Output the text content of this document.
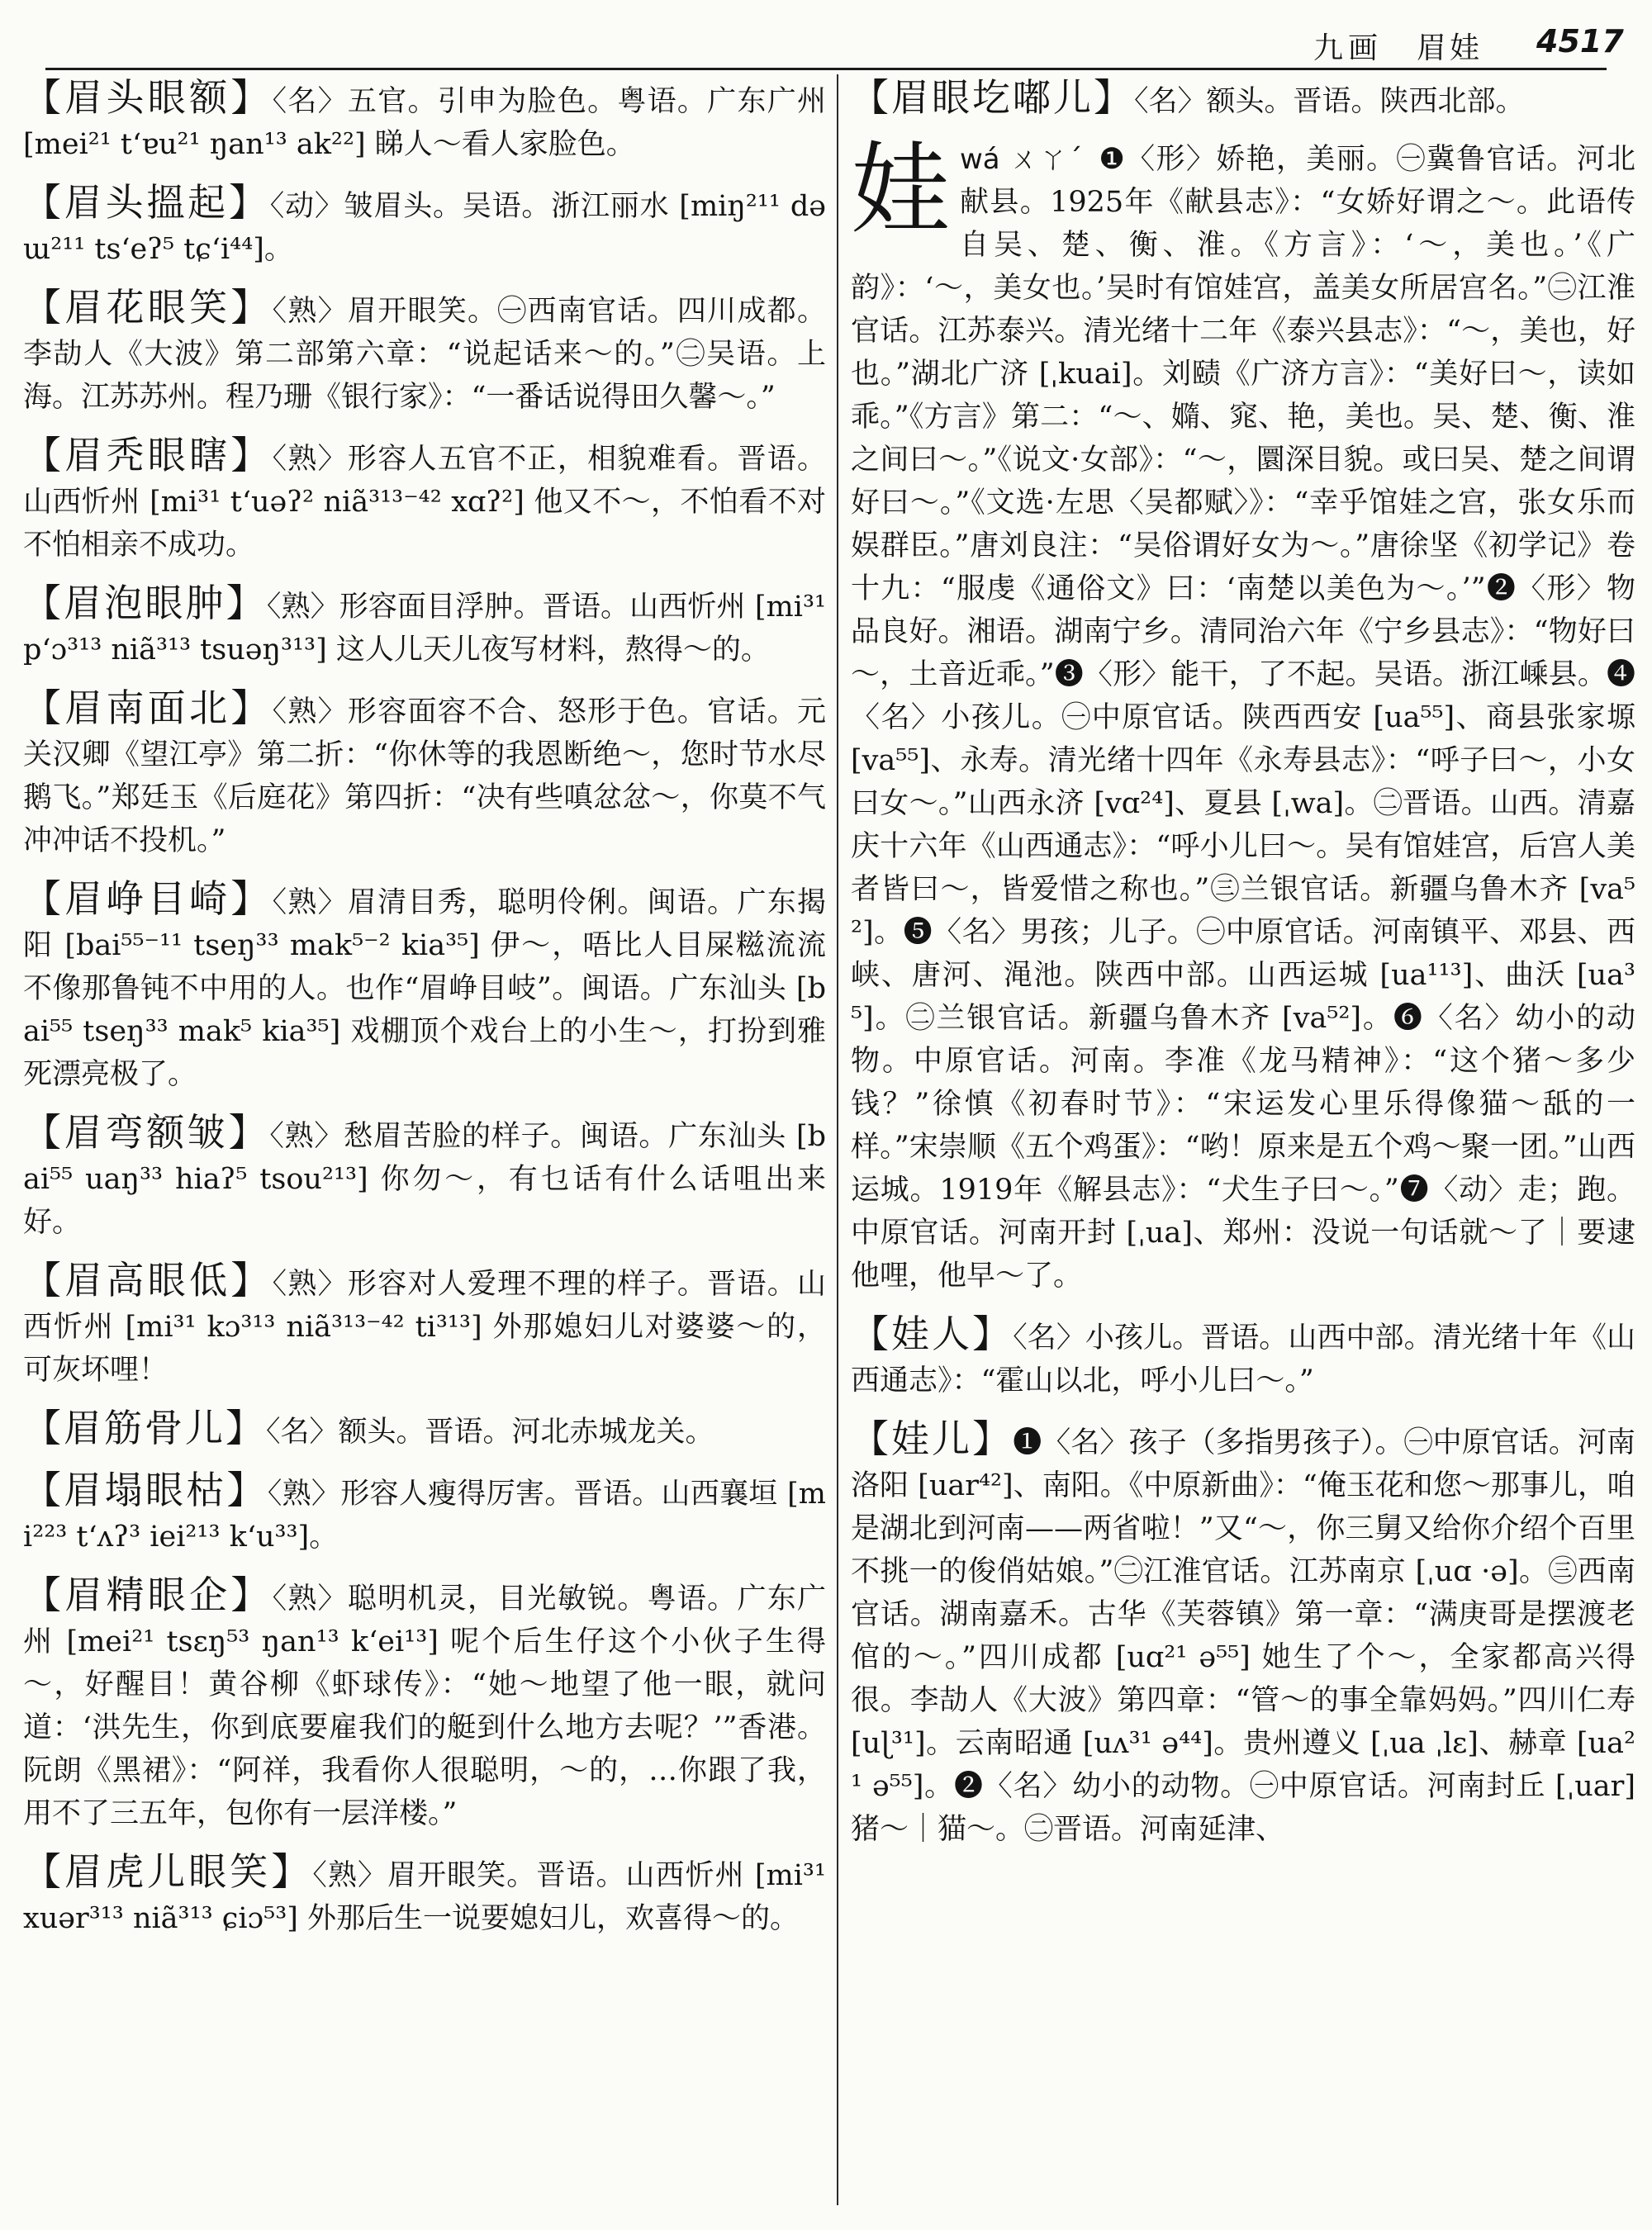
九画 眉娃 4517
【眉头眼额】〈名〉五官。引申为脸色。粤语。广东广州 [mei²¹ tʻɐu²¹ ŋan¹³ ak²²] 睇人～看人家脸色。
【眉头搵起】〈动〉皱眉头。吴语。浙江丽水 [miŋ²¹¹ dəɯ²¹¹ tsʻeʔ⁵ tɕʻi⁴⁴]。
【眉花眼笑】〈熟〉眉开眼笑。㊀西南官话。四川成都。李劼人《大波》第二部第六章：“说起话来～的。”㊁吴语。上海。江苏苏州。程乃珊《银行家》：“一番话说得田久馨～。”
【眉秃眼瞎】〈熟〉形容人五官不正，相貌难看。晋语。山西忻州 [mi³¹ tʻuəʔ² niã³¹³⁻⁴² xɑʔ²] 他又不～，不怕看不对不怕相亲不成功。
【眉泡眼肿】〈熟〉形容面目浮肿。晋语。山西忻州 [mi³¹ pʻɔ³¹³ niã³¹³ tsuəŋ³¹³] 这人儿天儿夜写材料，熬得～的。
【眉南面北】〈熟〉形容面容不合、怒形于色。官话。元关汉卿《望江亭》第二折：“你休等的我恩断绝～，您时节水尽鹅飞。”郑廷玉《后庭花》第四折：“决有些嗔忿忿～，你莫不气冲冲话不投机。”
【眉峥目崎】〈熟〉眉清目秀，聪明伶俐。闽语。广东揭阳 [bai⁵⁵⁻¹¹ tseŋ³³ mak⁵⁻² kia³⁵] 伊～，唔比人目屎糍流流不像那鲁钝不中用的人。也作“眉峥目岐”。闽语。广东汕头 [bai⁵⁵ tseŋ³³ mak⁵ kia³⁵] 戏棚顶个戏台上的小生～，打扮到雅死漂亮极了。
【眉弯额皱】〈熟〉愁眉苦脸的样子。闽语。广东汕头 [bai⁵⁵ uaŋ³³ hiaʔ⁵ tsou²¹³] 你勿～，有乜话有什么话咀出来好。
【眉高眼低】〈熟〉形容对人爱理不理的样子。晋语。山西忻州 [mi³¹ kɔ³¹³ niã³¹³⁻⁴² ti³¹³] 外那媳妇儿对婆婆～的，可灰坏哩！
【眉筋骨儿】〈名〉额头。晋语。河北赤城龙关。
【眉塌眼枯】〈熟〉形容人瘦得厉害。晋语。山西襄垣 [mi²²³ tʻʌʔ³ iei²¹³ kʻu³³]。
【眉精眼企】〈熟〉聪明机灵，目光敏锐。粤语。广东广州 [mei²¹ tsɛŋ⁵³ ŋan¹³ kʻei¹³] 呢个后生仔这个小伙子生得～，好醒目！黄谷柳《虾球传》：“她～地望了他一眼，就问道：‘洪先生，你到底要雇我们的艇到什么地方去呢？’”香港。阮朗《黑裙》：“阿祥，我看你人很聪明，～的，…你跟了我，用不了三五年，包你有一层洋楼。”
【眉虎儿眼笑】〈熟〉眉开眼笑。晋语。山西忻州 [mi³¹ xuər³¹³ niã³¹³ ɕiɔ⁵³] 外那后生一说要媳妇儿，欢喜得～的。
【眉眼圪嘟儿】〈名〉额头。晋语。陕西北部。
娃 wá ㄨㄚˊ ❶〈形〉娇艳，美丽。㊀冀鲁官话。河北献县。1925年《献县志》：“女娇好谓之～。此语传自吴、楚、衡、淮。《方言》：‘～，美也。’《广韵》：‘～，美女也。’吴时有馆娃宫，盖美女所居宫名。”㊁江淮官话。江苏泰兴。清光绪十二年《泰兴县志》：“～，美也，好也。”湖北广济 [ˌkuai]。刘赜《广济方言》：“美好曰～，读如乖。”《方言》第二：“～、嫷、窕、艳，美也。吴、楚、衡、淮之间曰～。”《说文·女部》：“～，圜深目貌。或曰吴、楚之间谓好曰～。”《文选·左思〈吴都赋〉》：“幸乎馆娃之宫，张女乐而娱群臣。”唐刘良注：“吴俗谓好女为～。”唐徐坚《初学记》卷十九：“服虔《通俗文》曰：‘南楚以美色为～。’”❷〈形〉物品良好。湘语。湖南宁乡。清同治六年《宁乡县志》：“物好曰～，土音近乖。”❸〈形〉能干，了不起。吴语。浙江嵊县。❹〈名〉小孩儿。㊀中原官话。陕西西安 [ua⁵⁵]、商县张家塬 [va⁵⁵]、永寿。清光绪十四年《永寿县志》：“呼子曰～，小女曰女～。”山西永济 [vɑ²⁴]、夏县 [ˌwa]。㊁晋语。山西。清嘉庆十六年《山西通志》：“呼小儿曰～。吴有馆娃宫，后宫人美者皆曰～，皆爱惜之称也。”㊂兰银官话。新疆乌鲁木齐 [va⁵²]。❺〈名〉男孩；儿子。㊀中原官话。河南镇平、邓县、西峡、唐河、渑池。陕西中部。山西运城 [ua¹¹³]、曲沃 [ua³⁵]。㊁兰银官话。新疆乌鲁木齐 [va⁵²]。❻〈名〉幼小的动物。中原官话。河南。李准《龙马精神》：“这个猪～多少钱？”徐慎《初春时节》：“宋运发心里乐得像猫～舐的一样。”宋崇顺《五个鸡蛋》：“哟！原来是五个鸡～聚一团。”山西运城。1919年《解县志》：“犬生子曰～。”❼〈动〉走；跑。中原官话。河南开封 [ˌua]、郑州：没说一句话就～了｜要逮他哩，他早～了。
【娃人】〈名〉小孩儿。晋语。山西中部。清光绪十年《山西通志》：“霍山以北，呼小儿曰～。”
【娃儿】❶〈名〉孩子（多指男孩子）。㊀中原官话。河南洛阳 [uar⁴²]、南阳。《中原新曲》：“俺玉花和您～那事儿，咱是湖北到河南——两省啦！”又“～，你三舅又给你介绍个百里不挑一的俊俏姑娘。”㊁江淮官话。江苏南京 [ˌuɑ ·ə]。㊂西南官话。湖南嘉禾。古华《芙蓉镇》第一章：“满庚哥是摆渡老倌的～。”四川成都 [uɑ²¹ ə⁵⁵] 她生了个～，全家都高兴得很。李劼人《大波》第四章：“管～的事全靠妈妈。”四川仁寿 [uɭ³¹]。云南昭通 [uʌ³¹ ə⁴⁴]。贵州遵义 [ˌua ˌlɛ]、赫章 [ua²¹ ə⁵⁵]。❷〈名〉幼小的动物。㊀中原官话。河南封丘 [ˌuar] 猪～｜猫～。㊁晋语。河南延津、
